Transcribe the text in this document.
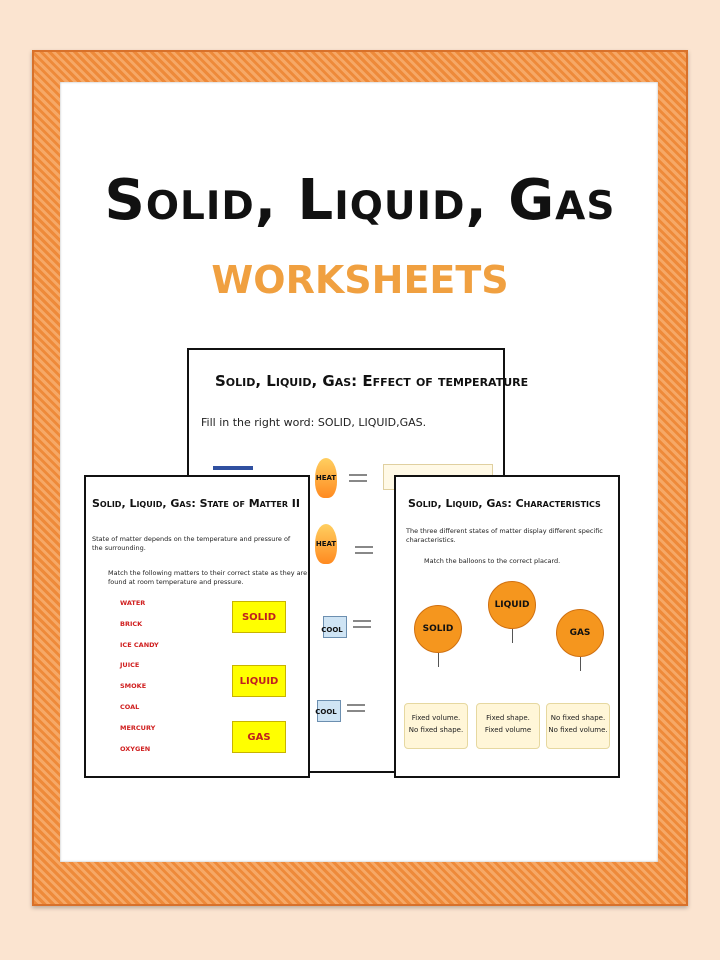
Solid, Liquid, Gas
WORKSHEETS
Solid, Liquid, Gas: Effect of temperature
Fill in the right word: SOLID, LIQUID,GAS.
HEAT
HEAT
COOL
COOL
Solid, Liquid, Gas: State of Matter II
State of matter depends on the temperature and pressure of the surrounding.
Match the following matters to their correct state as they are found at room temperature and pressure.
WATER
BRICK
ICE CANDY
JUICE
SMOKE
COAL
MERCURY
OXYGEN
SOLID
LIQUID
GAS
Solid, Liquid, Gas: Characteristics
The three different states of matter display different specific characteristics.
Match the balloons to the correct placard.
SOLID
LIQUID
GAS
Fixed volume.
No fixed shape.
Fixed shape.
Fixed volume
No fixed shape.
No fixed volume.
